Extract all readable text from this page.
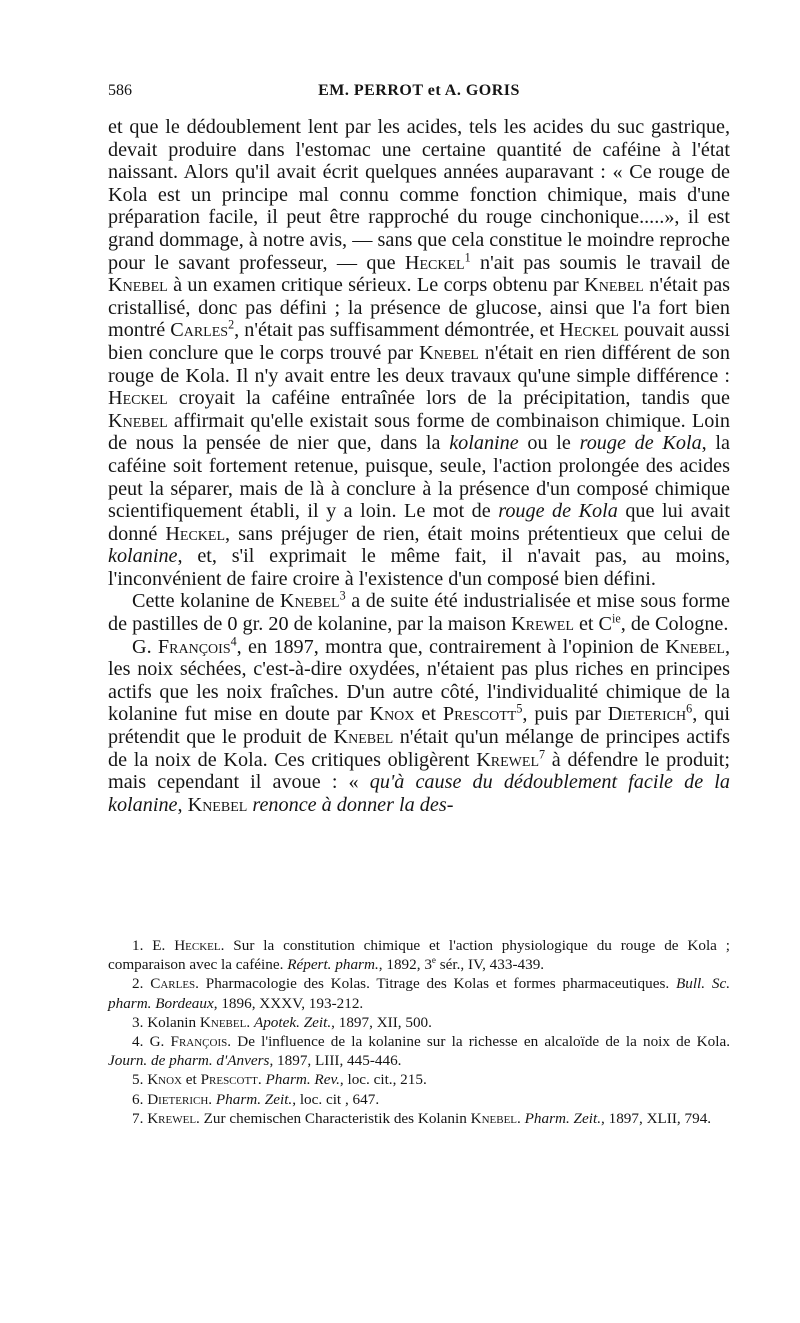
586	EM. PERROT et A. GORIS

et que le dédoublement lent par les acides, tels les acides du suc gastrique, devait produire dans l'estomac une certaine quantité de caféine à l'état naissant. Alors qu'il avait écrit quelques années auparavant : « Ce rouge de Kola est un principe mal connu comme fonction chimique, mais d'une préparation facile, il peut être rapproché du rouge cinchonique.....», il est grand dommage, à notre avis, — sans que cela constitue le moindre reproche pour le savant professeur, — que Heckel$^1$ n'ait pas soumis le travail de Knebel à un examen critique sérieux. Le corps obtenu par Knebel n'était pas cristallisé, donc pas défini ; la présence de glucose, ainsi que l'a fort bien montré Carles$^2$, n'était pas suffisamment démontrée, et Heckel pouvait aussi bien conclure que le corps trouvé par Knebel n'était en rien différent de son rouge de Kola. Il n'y avait entre les deux travaux qu'une simple différence : Heckel croyait la caféine entraînée lors de la précipitation, tandis que Knebel affirmait qu'elle existait sous forme de combinaison chimique. Loin de nous la pensée de nier que, dans la kolanine ou le rouge de Kola, la caféine soit fortement retenue, puisque, seule, l'action prolongée des acides peut la séparer, mais de là à conclure à la présence d'un composé chimique scientifiquement établi, il y a loin. Le mot de rouge de Kola que lui avait donné Heckel, sans préjuger de rien, était moins prétentieux que celui de kolanine, et, s'il exprimait le même fait, il n'avait pas, au moins, l'inconvénient de faire croire à l'existence d'un composé bien défini.

Cette kolanine de Knebel$^3$ a de suite été industrialisée et mise sous forme de pastilles de 0 gr. 20 de kolanine, par la maison Krewel et $C^{ie}$, de Cologne.

G. François$^4$, en 1897, montra que, contrairement à l'opinion de Knebel, les noix séchées, c'est-à-dire oxydées, n'étaient pas plus riches en principes actifs que les noix fraîches. D'un autre côté, l'individualité chimique de la kolanine fut mise en doute par Knox et Prescott$^5$, puis par Dieterich$^6$, qui prétendit que le produit de Knebel n'était qu'un mélange de principes actifs de la noix de Kola. Ces critiques obligèrent Krewel$^7$ à défendre le produit; mais cependant il avoue : « qu'à cause du dédoublement facile de la kolanine, Knebel renonce à donner la des-

1. E. Heckel. Sur la constitution chimique et l'action physiologique du rouge de Kola ; comparaison avec la caféine. Répert. pharm., 1892, 3e sér., IV, 433-439.

2. Carles. Pharmacologie des Kolas. Titrage des Kolas et formes pharmaceutiques. Bull. Sc. pharm. Bordeaux, 1896, XXXV, 193-212.

3. Kolanin Knebel. Apotek. Zeit., 1897, XII, 500.

4. G. François. De l'influence de la kolanine sur la richesse en alcaloïde de la noix de Kola. Journ. de pharm. d'Anvers, 1897, LIII, 445-446.

5. Knox et Prescott. Pharm. Rev., loc. cit., 215.

6. Dieterich. Pharm. Zeit., loc. cit , 647.

7. Krewel. Zur chemischen Characteristik des Kolanin Knebel. Pharm. Zeit., 1897, XLII, 794.
